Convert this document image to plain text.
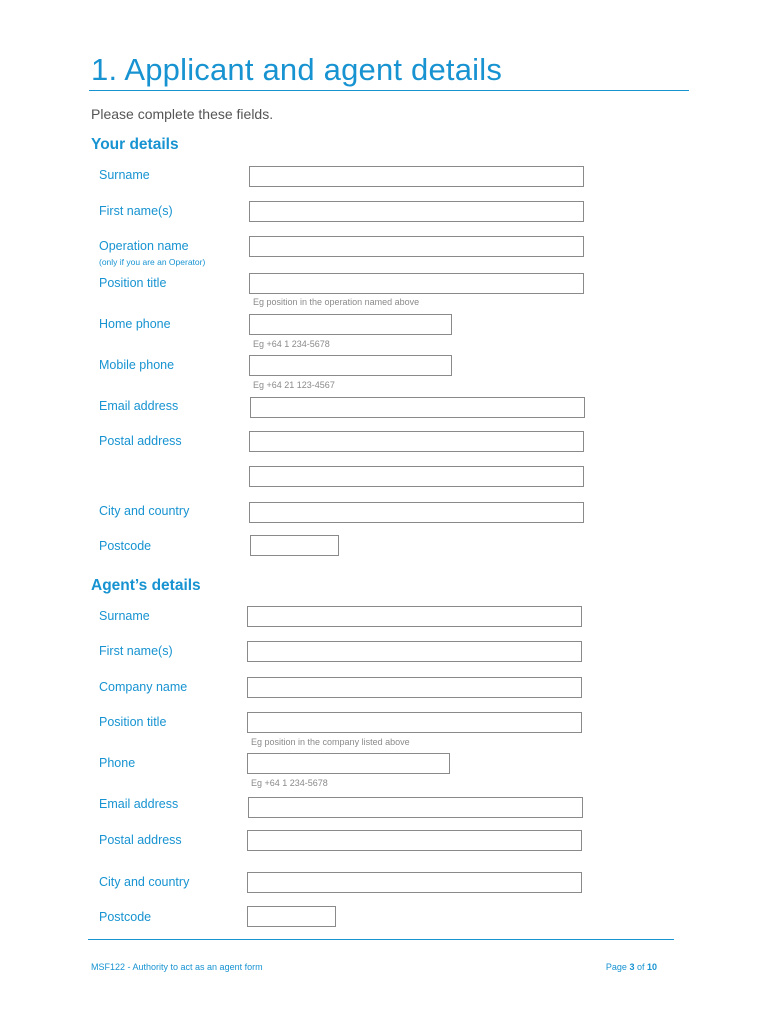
1. Applicant and agent details
Please complete these fields.
Your details
Surname
First name(s)
Operation name
(only if you are an Operator)
Position title
Eg position in the operation named above
Home phone
Eg +64 1 234-5678
Mobile phone
Eg +64 21 123-4567
Email address
Postal address
City and country
Postcode
Agent’s details
Surname
First name(s)
Company name
Position title
Eg position in the company listed above
Phone
Eg +64 1 234-5678
Email address
Postal address
City and country
Postcode
MSF122 - Authority to act as an agent form	Page 3 of 10
